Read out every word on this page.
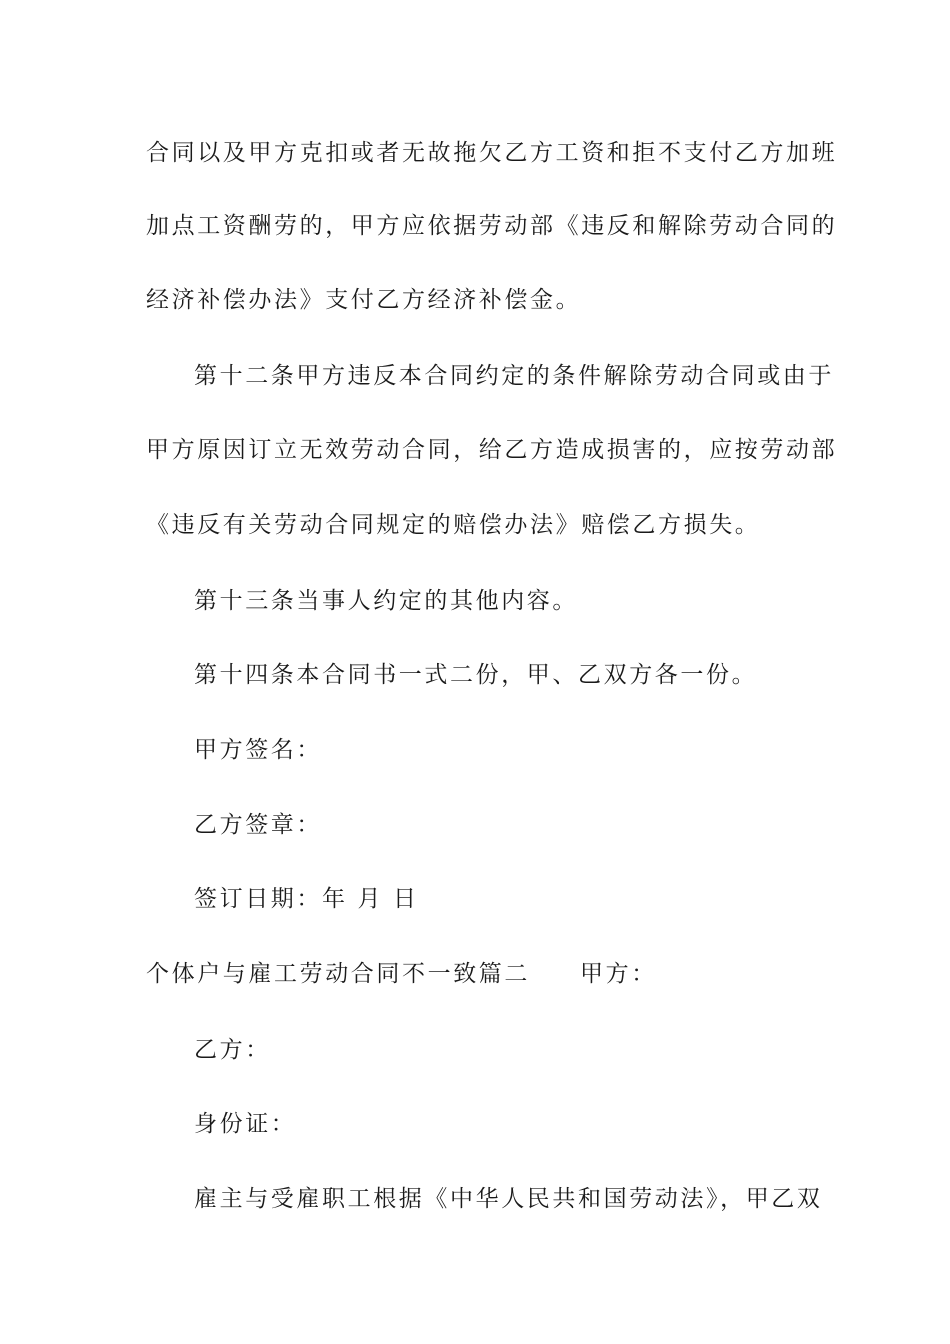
合同以及甲方克扣或者无故拖欠乙方工资和拒不支付乙方加班
加点工资酬劳的，甲方应依据劳动部《违反和解除劳动合同的
经济补偿办法》支付乙方经济补偿金。
第十二条甲方违反本合同约定的条件解除劳动合同或由于
甲方原因订立无效劳动合同，给乙方造成损害的，应按劳动部
《违反有关劳动合同规定的赔偿办法》赔偿乙方损失。
第十三条当事人约定的其他内容。
第十四条本合同书一式二份，甲、乙双方各一份。
甲方签名：
乙方签章：
签订日期：年 月 日
个体户与雇工劳动合同不一致篇二 甲方：
乙方：
身份证：
雇主与受雇职工根据《中华人民共和国劳动法》，甲乙双
